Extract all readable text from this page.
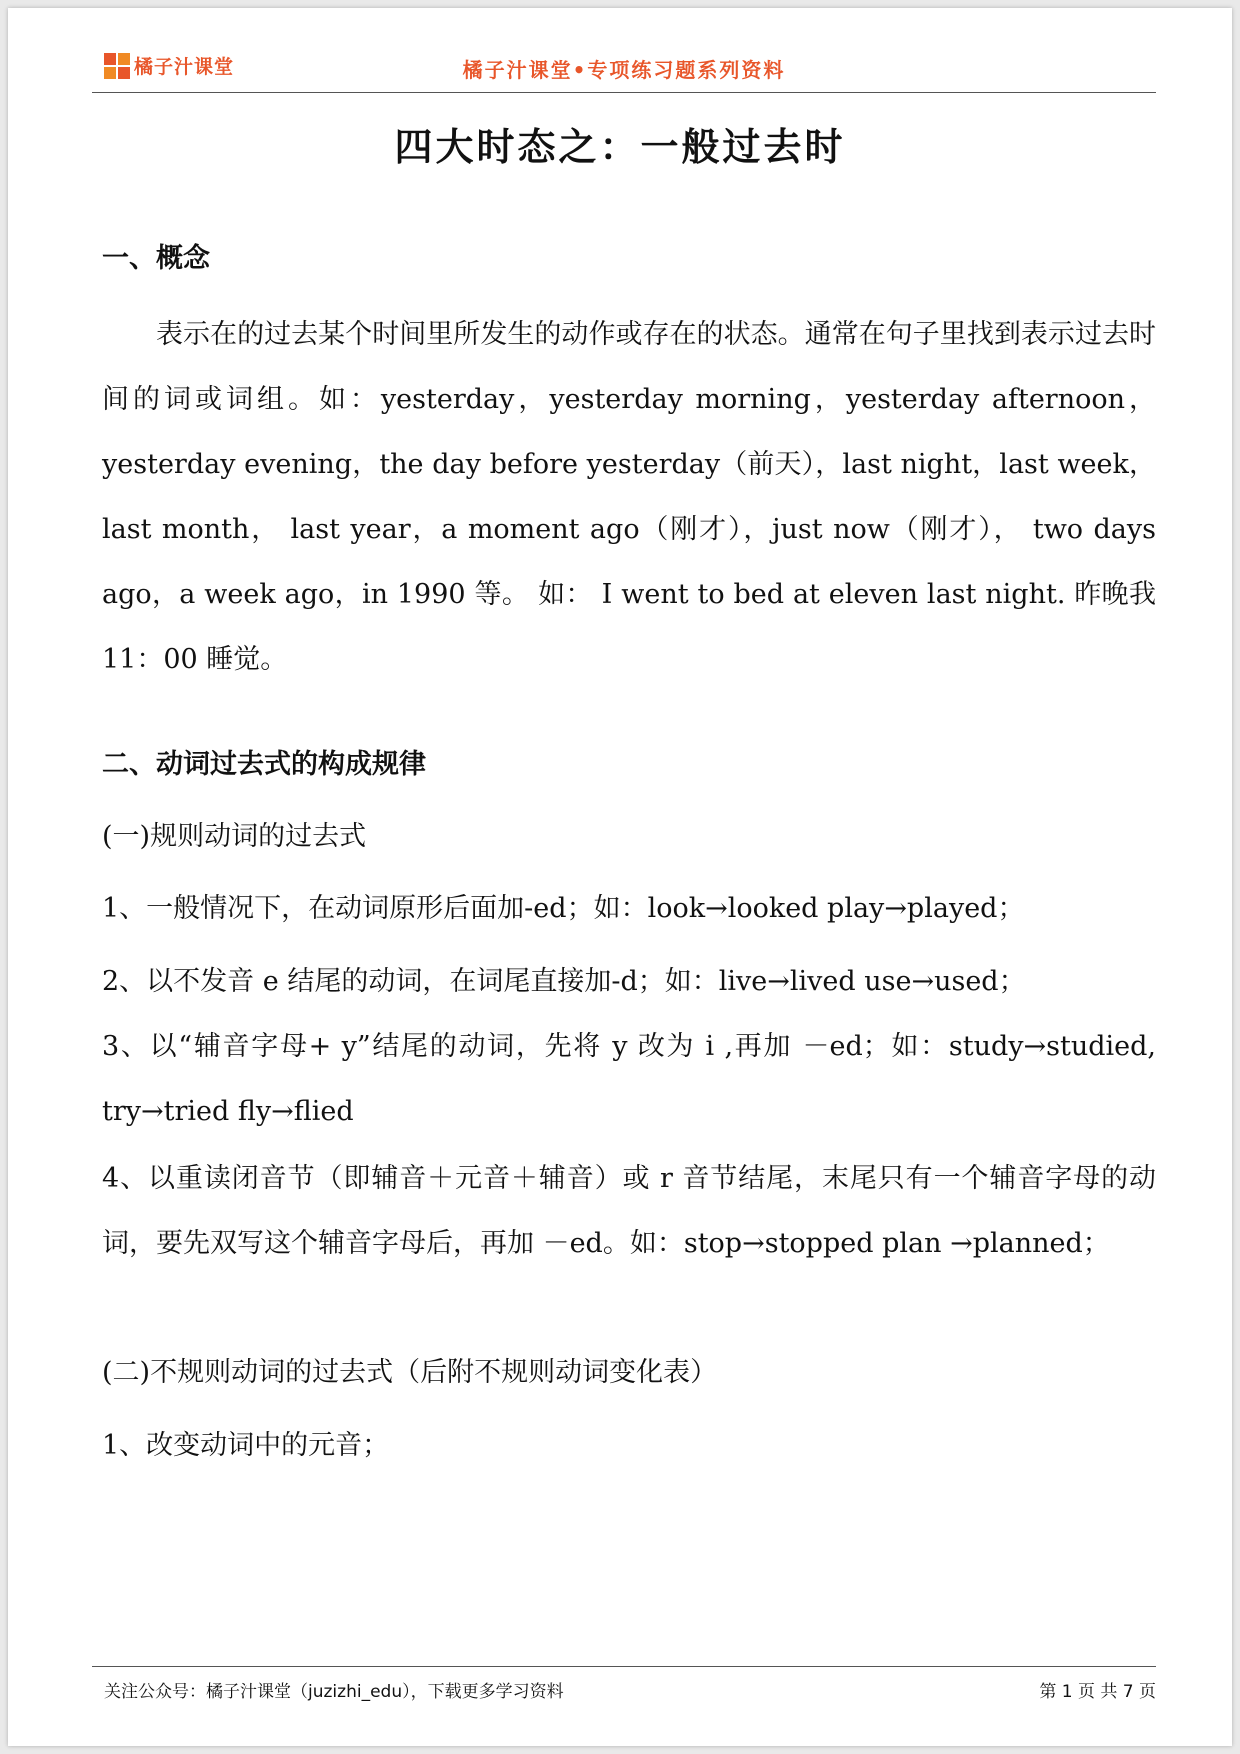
橘子汁课堂	橘子汁课堂•专项练习题系列资料
四大时态之：一般过去时
一、概念

表示在的过去某个时间里所发生的动作或存在的状态。通常在句子里找到表示过去时间的词或词组。如：yesterday，yesterday morning，yesterday afternoon，yesterday evening，the day before yesterday（前天），last night，last week，last month， last year，a moment ago（刚才），just now（刚才）， two days ago，a week ago，in 1990 等。 如： I went to bed at eleven last night. 昨晚我 11：00 睡觉。

二、动词过去式的构成规律

(一)规则动词的过去式

1、一般情况下，在动词原形后面加-ed；如：look→looked play→played；

2、以不发音 e 结尾的动词，在词尾直接加-d；如：live→lived use→used；

3、以“辅音字母+ y”结尾的动词，先将 y 改为 i ,再加 －ed；如：study→studied, try→tried fly→flied

4、以重读闭音节（即辅音＋元音＋辅音）或 r 音节结尾，末尾只有一个辅音字母的动词，要先双写这个辅音字母后，再加 －ed。如：stop→stopped plan →planned；

(二)不规则动词的过去式（后附不规则动词变化表）

1、改变动词中的元音；

关注公众号：橘子汁课堂（juzizhi_edu），下载更多学习资料	第 1 页 共 7 页
